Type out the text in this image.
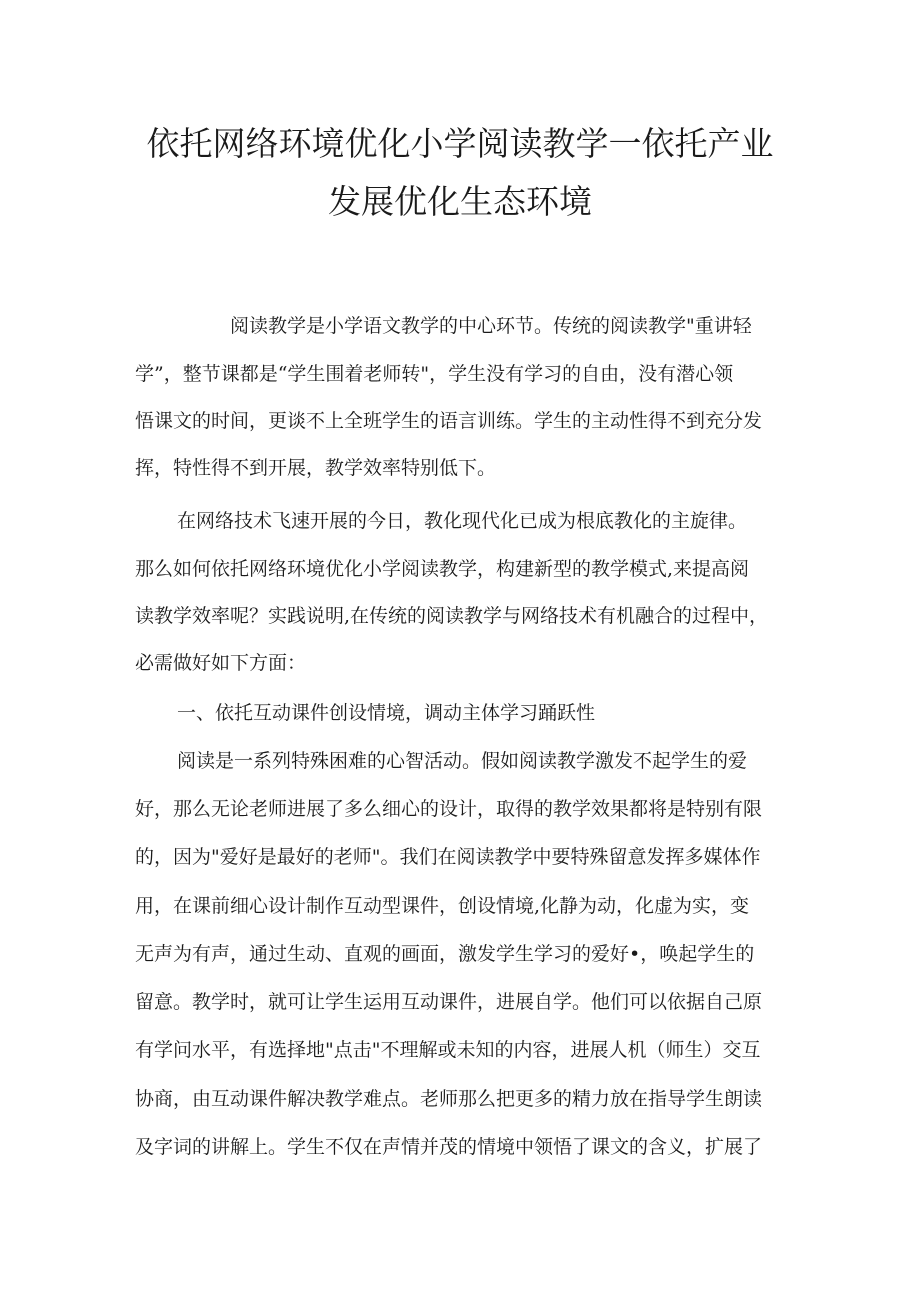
依托网络环境优化小学阅读教学一依托产业
发展优化生态环境
阅读教学是小学语文教学的中心环节。传统的阅读教学"重讲轻
学”，整节课都是“学生围着老师转"，学生没有学习的自由，没有潜心领
悟课文的时间，更谈不上全班学生的语言训练。学生的主动性得不到充分发
挥，特性得不到开展，教学效率特别低下。
在网络技术飞速开展的今日，教化现代化已成为根底教化的主旋律。
那么如何依托网络环境优化小学阅读教学，构建新型的教学模式,来提高阅
读教学效率呢？实践说明,在传统的阅读教学与网络技术有机融合的过程中，
必需做好如下方面：
一、依托互动课件创设情境，调动主体学习踊跃性
阅读是一系列特殊困难的心智活动。假如阅读教学激发不起学生的爱
好，那么无论老师进展了多么细心的设计，取得的教学效果都将是特别有限
的，因为"爱好是最好的老师"。我们在阅读教学中要特殊留意发挥多媒体作
用，在课前细心设计制作互动型课件，创设情境,化静为动，化虚为实，变
无声为有声，通过生动、直观的画面，激发学生学习的爱好•，唤起学生的
留意。教学时，就可让学生运用互动课件，进展自学。他们可以依据自己原
有学问水平，有选择地"点击"不理解或未知的内容，进展人机（师生）交互
协商，由互动课件解决教学难点。老师那么把更多的精力放在指导学生朗读
及字词的讲解上。学生不仅在声情并茂的情境中领悟了课文的含义，扩展了
